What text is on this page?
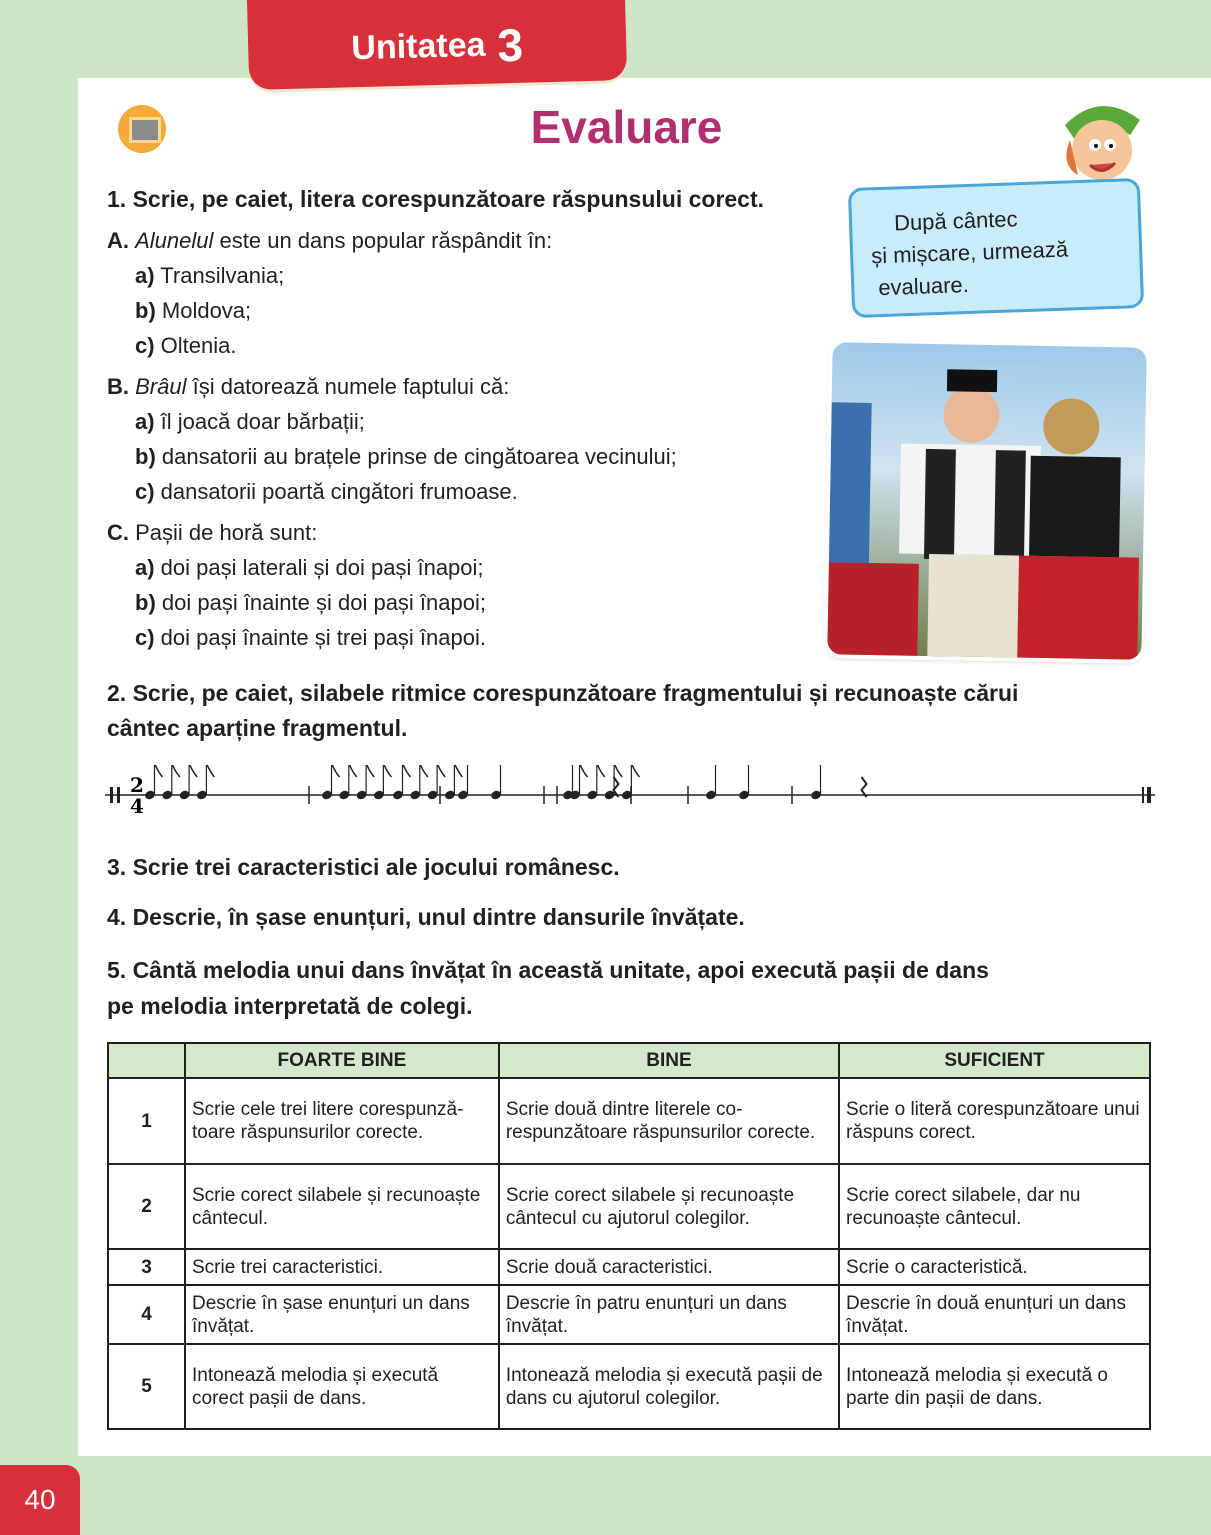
Unitatea 3
Evaluare
1. Scrie, pe caiet, litera corespunzătoare răspunsului corect.
A. Alunelul este un dans popular răspândit în:
a) Transilvania;
b) Moldova;
c) Oltenia.
B. Brâul își datorează numele faptului că:
a) îl joacă doar bărbații;
b) dansatorii au brațele prinse de cingătoarea vecinului;
c) dansatorii poartă cingători frumoase.
C. Pașii de horă sunt:
a) doi pași laterali și doi pași înapoi;
b) doi pași înainte și doi pași înapoi;
c) doi pași înainte și trei pași înapoi.
După cântec
și mișcare, urmează
evaluare.
2. Scrie, pe caiet, silabele ritmice corespunzătoare fragmentului și recunoaște cărui
cântec aparține fragmentul.
2
4
3. Scrie trei caracteristici ale jocului românesc.
4. Descrie, în șase enunțuri, unul dintre dansurile învățate.
5. Cântă melodia unui dans învățat în această unitate, apoi execută pașii de dans
pe melodia interpretată de colegi.
	FOARTE BINE	BINE	SUFICIENT
1	Scrie cele trei litere corespunză-toare răspunsurilor corecte.	Scrie două dintre literele co-respunzătoare răspunsurilor corecte.	Scrie o literă corespunzătoare unui răspuns corect.
2	Scrie corect silabele și recunoaște cântecul.	Scrie corect silabele și recunoaște cântecul cu ajutorul colegilor.	Scrie corect silabele, dar nu recunoaște cântecul.
3	Scrie trei caracteristici.	Scrie două caracteristici.	Scrie o caracteristică.
4	Descrie în șase enunțuri un dans învățat.	Descrie în patru enunțuri un dans învățat.	Descrie în două enunțuri un dans învățat.
5	Intonează melodia și execută corect pașii de dans.	Intonează melodia și execută pașii de dans cu ajutorul colegilor.	Intonează melodia și execută o parte din pașii de dans.
40
